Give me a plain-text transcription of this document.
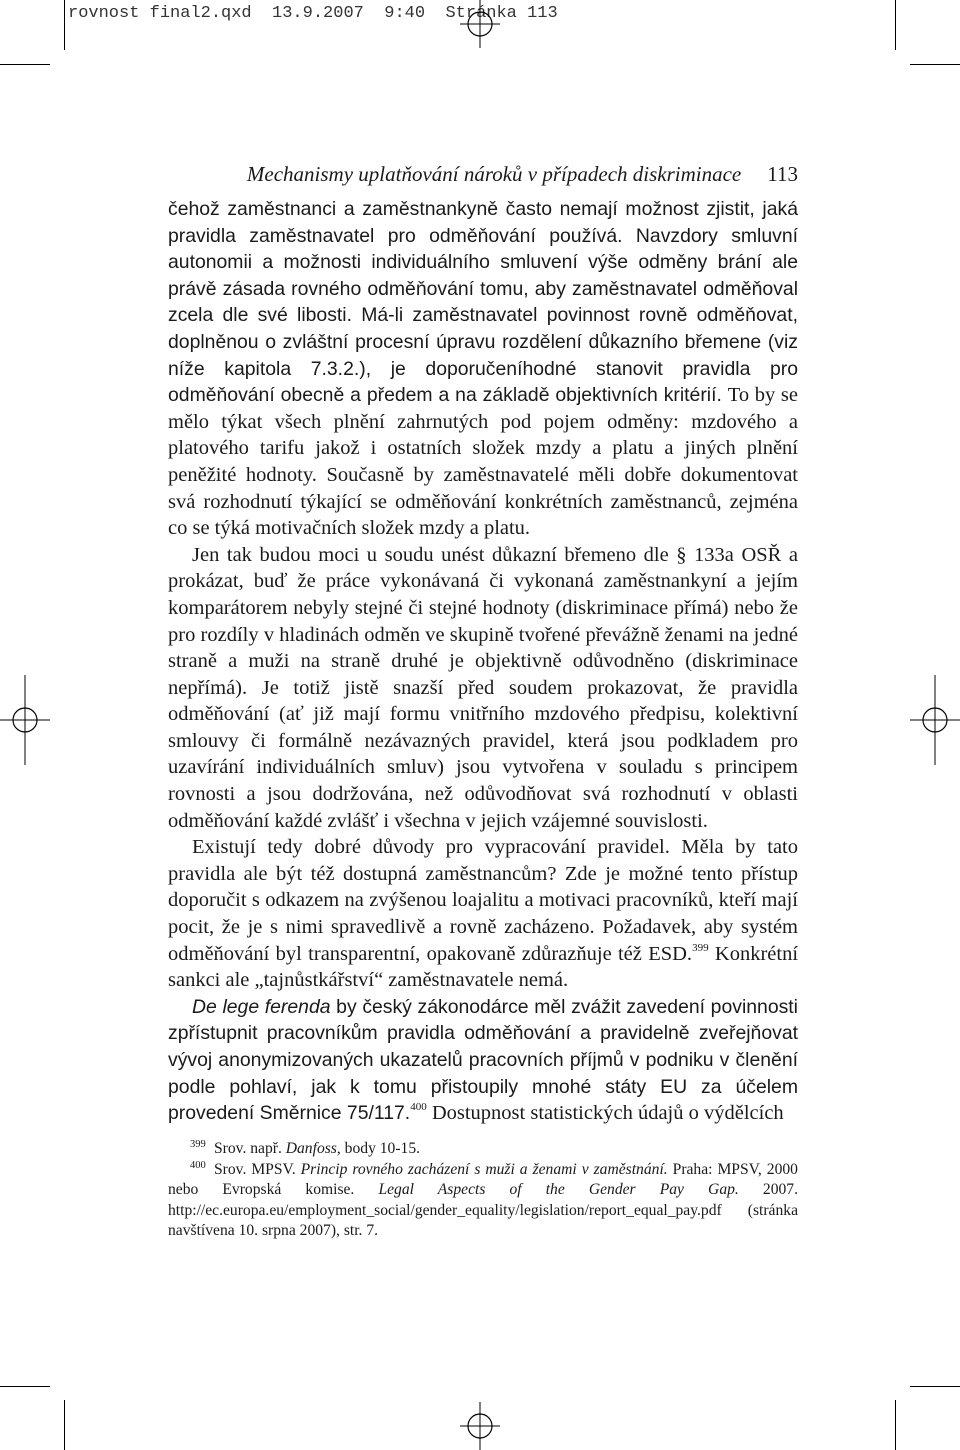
rovnost final2.qxd  13.9.2007  9:40  Stránka 113
Mechanismy uplatňování nároků v případech diskriminace 113

čehož zaměstnanci a zaměstnankyně často nemají možnost zjistit, jaká pravidla zaměstnavatel pro odměňování používá. Navzdory smluvní autonomii a možnosti individuálního smluvení výše odměny brání ale právě zásada rovného odměňování tomu, aby zaměstnavatel odměňoval zcela dle své libosti. Má-li zaměstnavatel povinnost rovně odměňovat, doplněnou o zvláštní procesní úpravu rozdělení důkazního břemene (viz níže kapitola 7.3.2.), je doporučeníhodné stanovit pravidla pro odměňování obecně a předem a na základě objektivních kritérií. To by se mělo týkat všech plnění zahrnutých pod pojem odměny: mzdového a platového tarifu jakož i ostatních složek mzdy a platu a jiných plnění peněžité hodnoty. Současně by zaměstnavatelé měli dobře dokumentovat svá rozhodnutí týkající se odměňování konkrétních zaměstnanců, zejména co se týká motivačních složek mzdy a platu.

Jen tak budou moci u soudu unést důkazní břemeno dle § 133a OSŘ a prokázat, buď že práce vykonávaná či vykonaná zaměstnankyní a jejím komparátorem nebyly stejné či stejné hodnoty (diskriminace přímá) nebo že pro rozdíly v hladinách odměn ve skupině tvořené převážně ženami na jedné straně a muži na straně druhé je objektivně odůvodněno (diskriminace nepřímá). Je totiž jistě snazší před soudem prokazovat, že pravidla odměňování (ať již mají formu vnitřního mzdového předpisu, kolektivní smlouvy či formálně nezávazných pravidel, která jsou podkladem pro uzavírání individuálních smluv) jsou vytvořena v souladu s principem rovnosti a jsou dodržována, než odůvodňovat svá rozhodnutí v oblasti odměňování každé zvlášť i všechna v jejich vzájemné souvislosti.

Existují tedy dobré důvody pro vypracování pravidel. Měla by tato pravidla ale být též dostupná zaměstnancům? Zde je možné tento přístup doporučit s odkazem na zvýšenou loajalitu a motivaci pracovníků, kteří mají pocit, že je s nimi spravedlivě a rovně zacházeno. Požadavek, aby systém odměňování byl transparentní, opakovaně zdůrazňuje též ESD.$^{399}$ Konkrétní sankci ale „tajnůstkářství“ zaměstnavatele nemá.

De lege ferenda by český zákonodárce měl zvážit zavedení povinnosti zpřístupnit pracovníkům pravidla odměňování a pravidelně zveřejňovat vývoj anonymizovaných ukazatelů pracovních příjmů v podniku v členění podle pohlaví, jak k tomu přistoupily mnohé státy EU za účelem provedení Směrnice 75/117.$^{400}$ Dostupnost statistických údajů o výdělcích

399 Srov. např. Danfoss, body 10-15.

400 Srov. MPSV. Princip rovného zacházení s muži a ženami v zaměstnání. Praha: MPSV, 2000 nebo Evropská komise. Legal Aspects of the Gender Pay Gap. 2007. http://ec.europa.eu/employment_social/gender_equality/legislation/report_equal_pay.pdf (stránka navštívena 10. srpna 2007), str. 7.
